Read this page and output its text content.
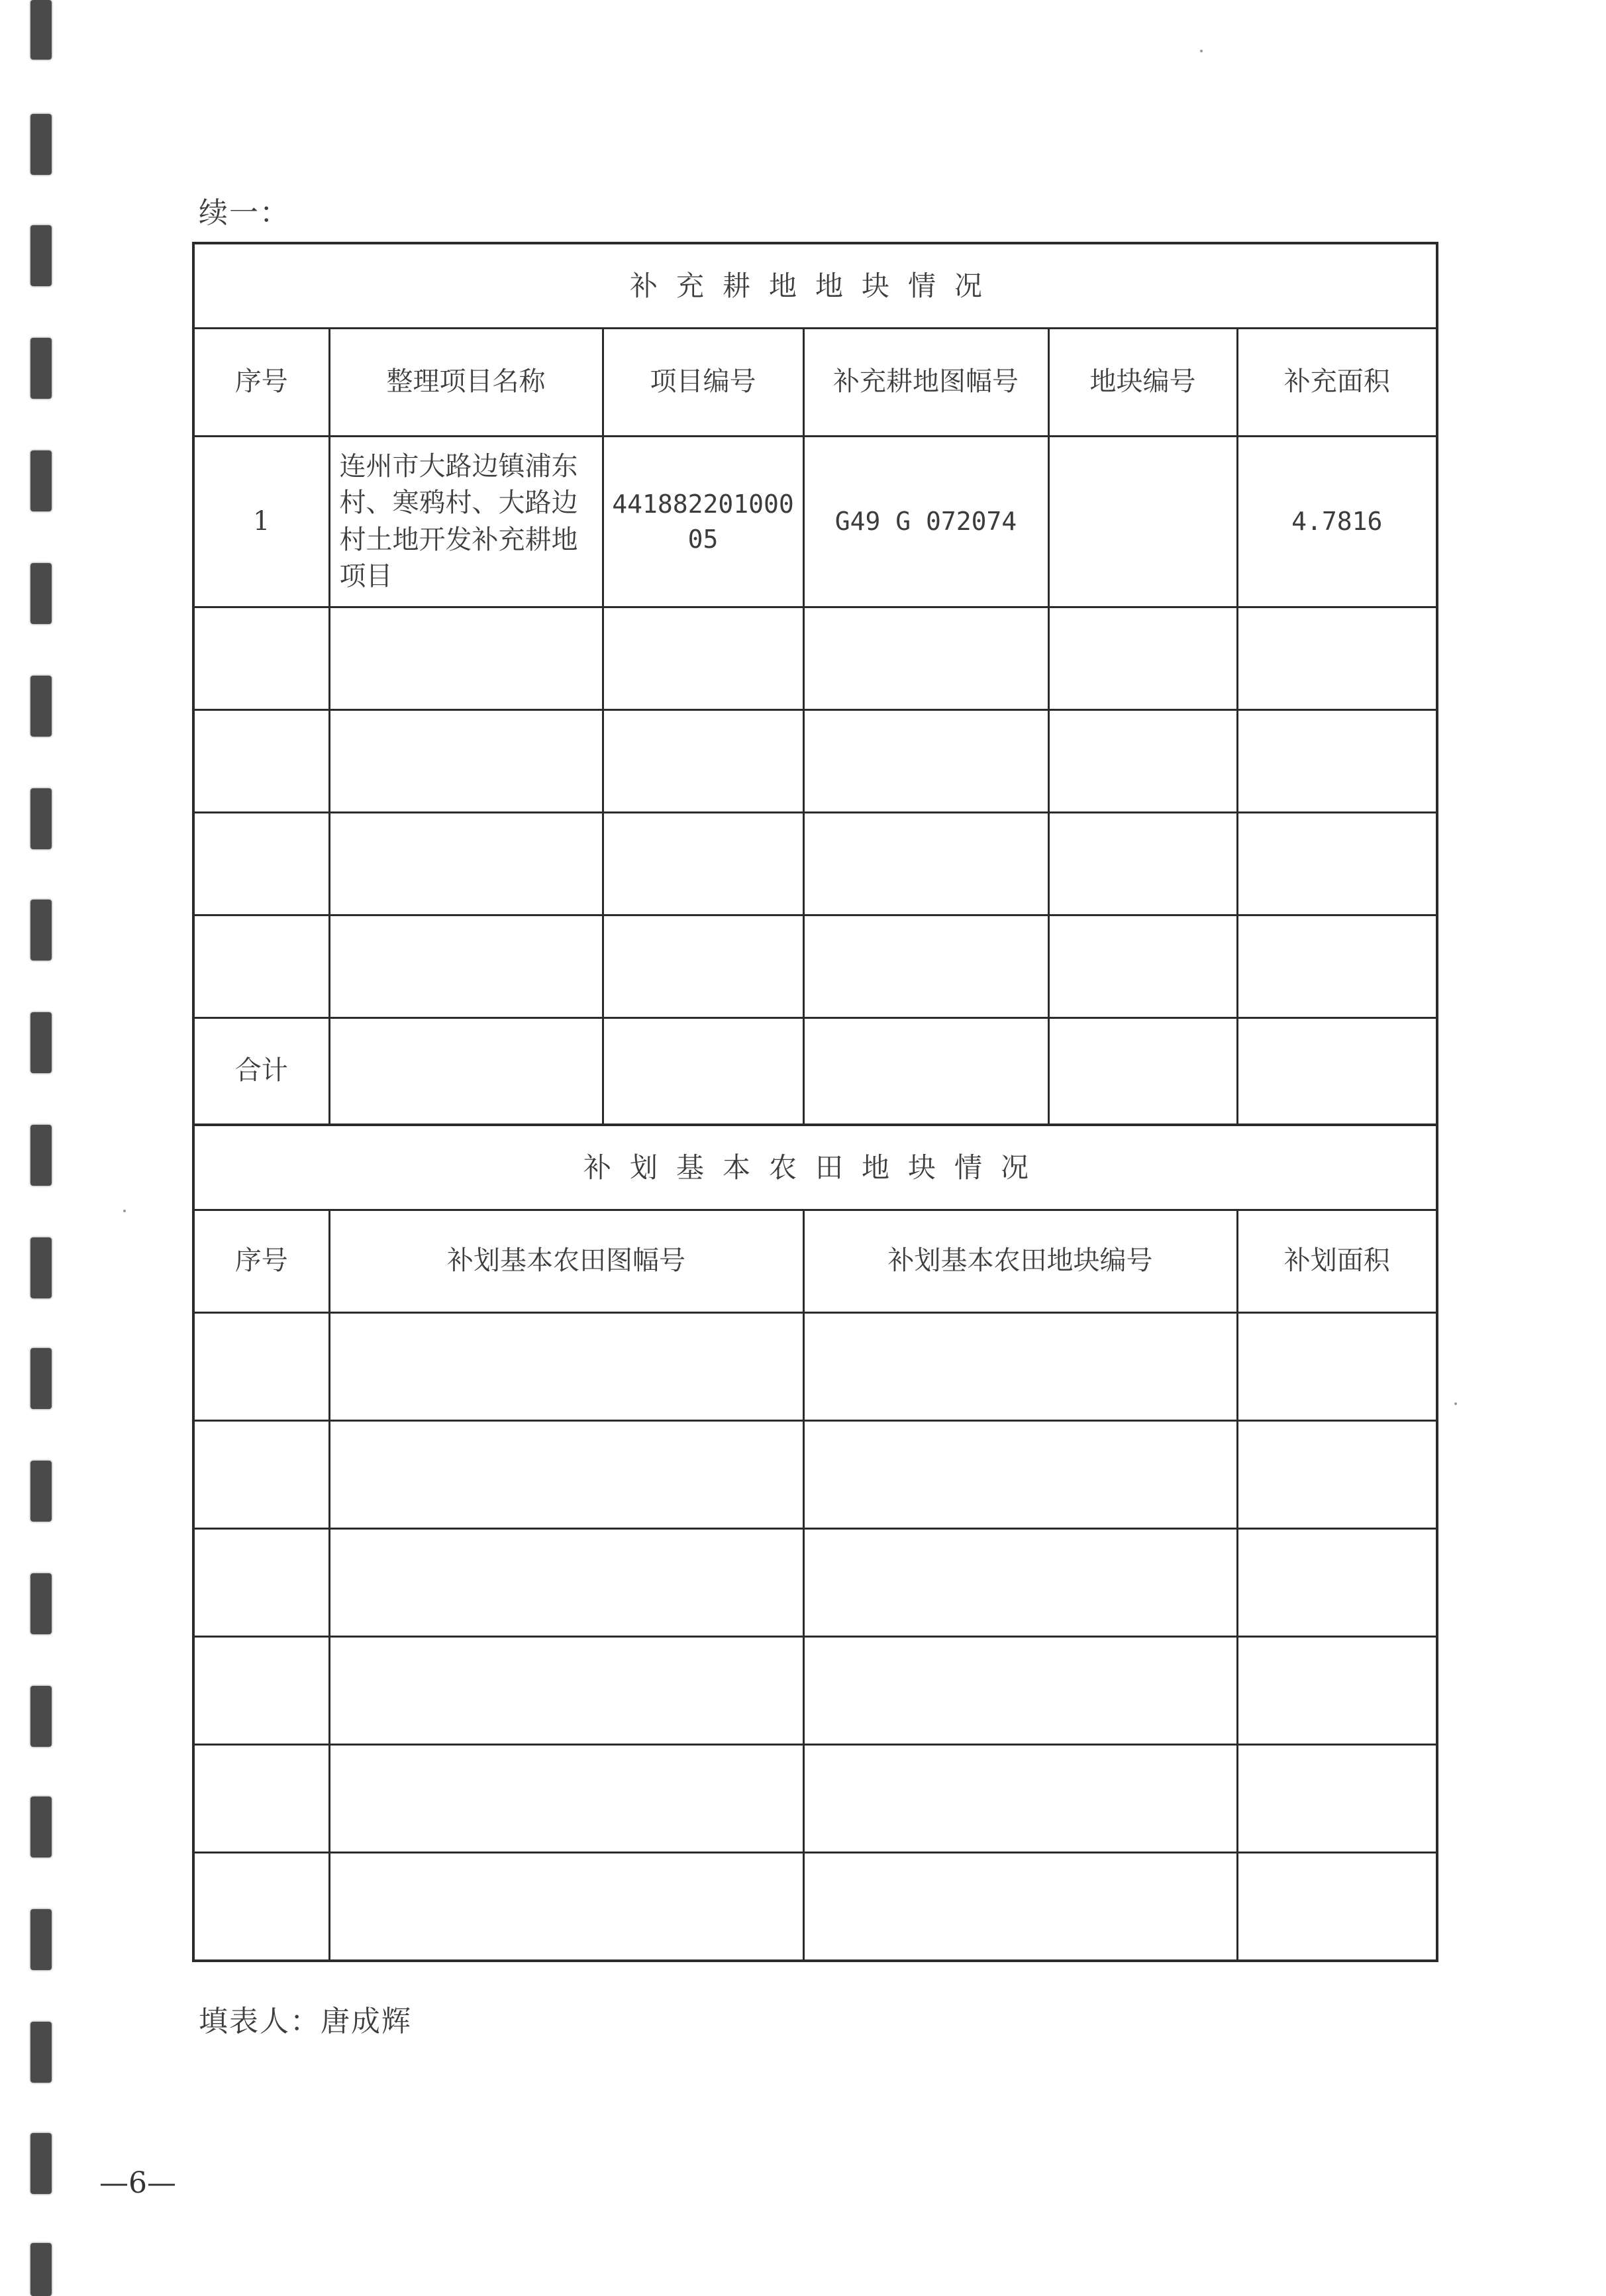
续一：
补充耕地地块情况					
序号	整理项目名称	项目编号	补充耕地图幅号	地块编号	补充面积
1	连州市大路边镇浦东村、寒鸦村、大路边村土地开发补充耕地项目	44188220100005	G49 G 072074		4.7816

合计					
补划基本农田地块情况			
序号	补划基本农田图幅号	补划基本农田地块编号	补划面积

填表人：唐成辉
—6—
